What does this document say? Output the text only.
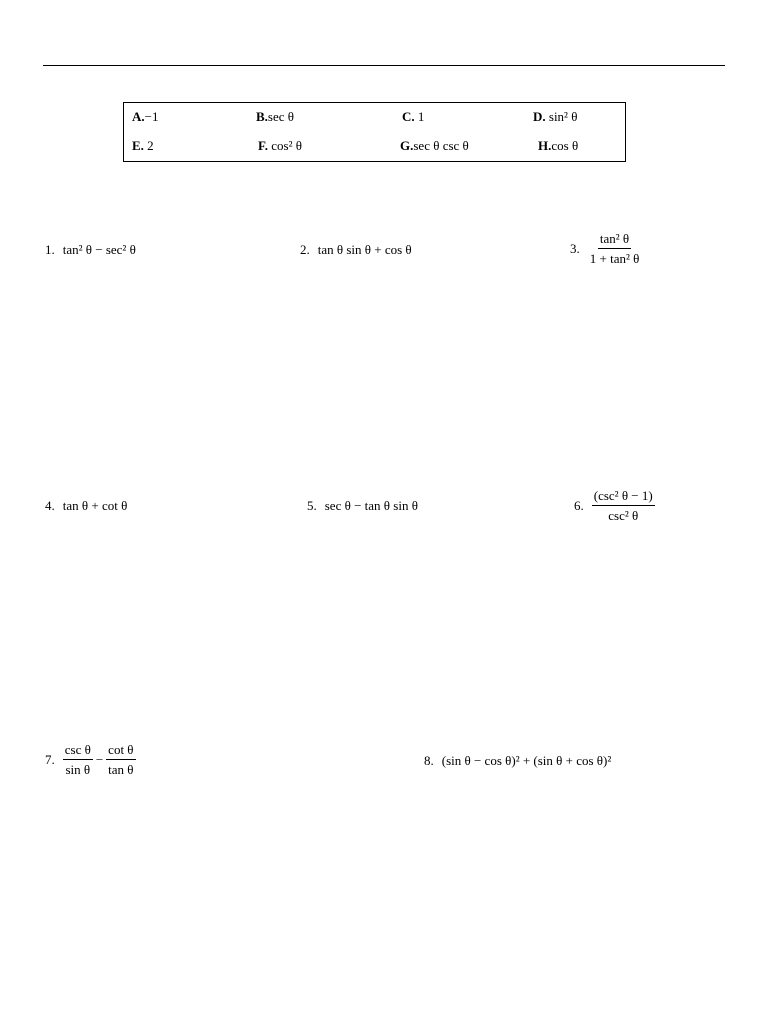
A.−1	B.sec θ	C. 1	D. sin² θ
E. 2	F. cos² θ	G.sec θ csc θ	H.cos θ
1. tan² θ − sec² θ	2. tan θ sin θ + cos θ	3. $\frac{\text{tan² θ}}{\text{1 + tan² θ}}$
4. tan θ + cot θ	5. sec θ − tan θ sin θ	6. $\frac{\text{(csc² θ − 1)}}{\text{csc² θ}}$
7. $\frac{\text{csc θ}}{\text{sin θ}} - \frac{\text{cot θ}}{\text{tan θ}}$	8. (sin θ − cos θ)² + (sin θ + cos θ)²
